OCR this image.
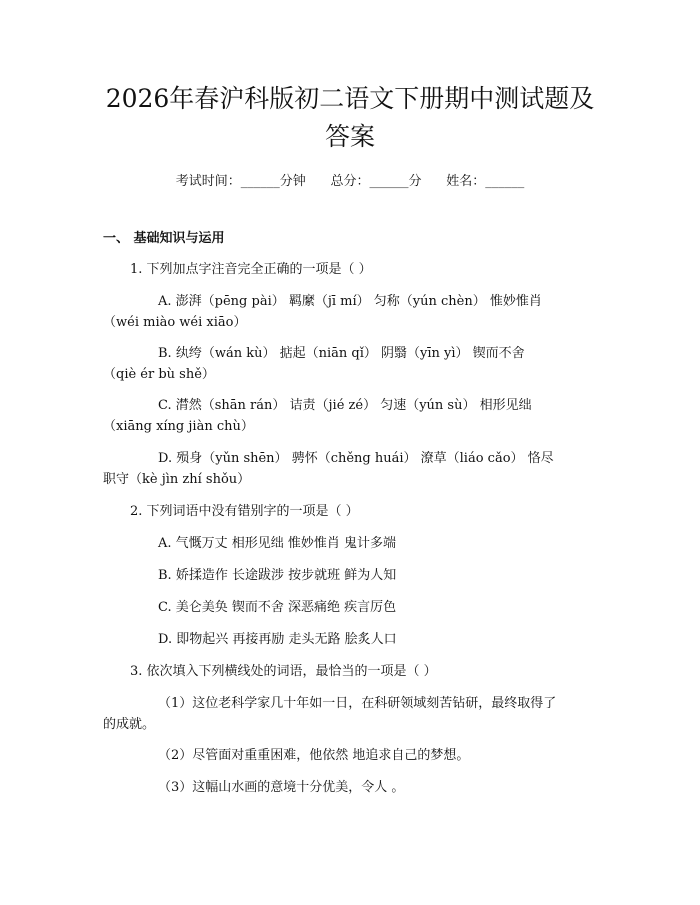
2026年春沪科版初二语文下册期中测试题及
答案
考试时间：______分钟      总分：______分      姓名：______
一、 基础知识与运用
1. 下列加点字注音完全正确的一项是（ ）
A. 澎湃（pēng pài） 羁縻（jī mí） 匀称（yún chèn） 惟妙惟肖
（wéi miào wéi xiāo）
B. 纨绔（wán kù） 掂起（niān qǐ） 阴翳（yīn yì） 锲而不舍
（qiè ér bù shě）
C. 潸然（shān rán） 诘责（jié zé） 匀速（yún sù） 相形见绌
（xiāng xíng jiàn chù）
D. 殒身（yǔn shēn） 骋怀（chěng huái） 潦草（liáo cǎo） 恪尽
职守（kè jìn zhí shǒu）
2. 下列词语中没有错别字的一项是（ ）
A. 气慨万丈 相形见绌 惟妙惟肖 鬼计多端
B. 娇揉造作 长途跋涉 按步就班 鲜为人知
C. 美仑美奂 锲而不舍 深恶痛绝 疾言厉色
D. 即物起兴 再接再励 走头无路 脍炙人口
3. 依次填入下列横线处的词语，最恰当的一项是（ ）
（1）这位老科学家几十年如一日，在科研领域刻苦钻研，最终取得了
的成就。
（2）尽管面对重重困难，他依然 地追求自己的梦想。
（3）这幅山水画的意境十分优美，令人 。
